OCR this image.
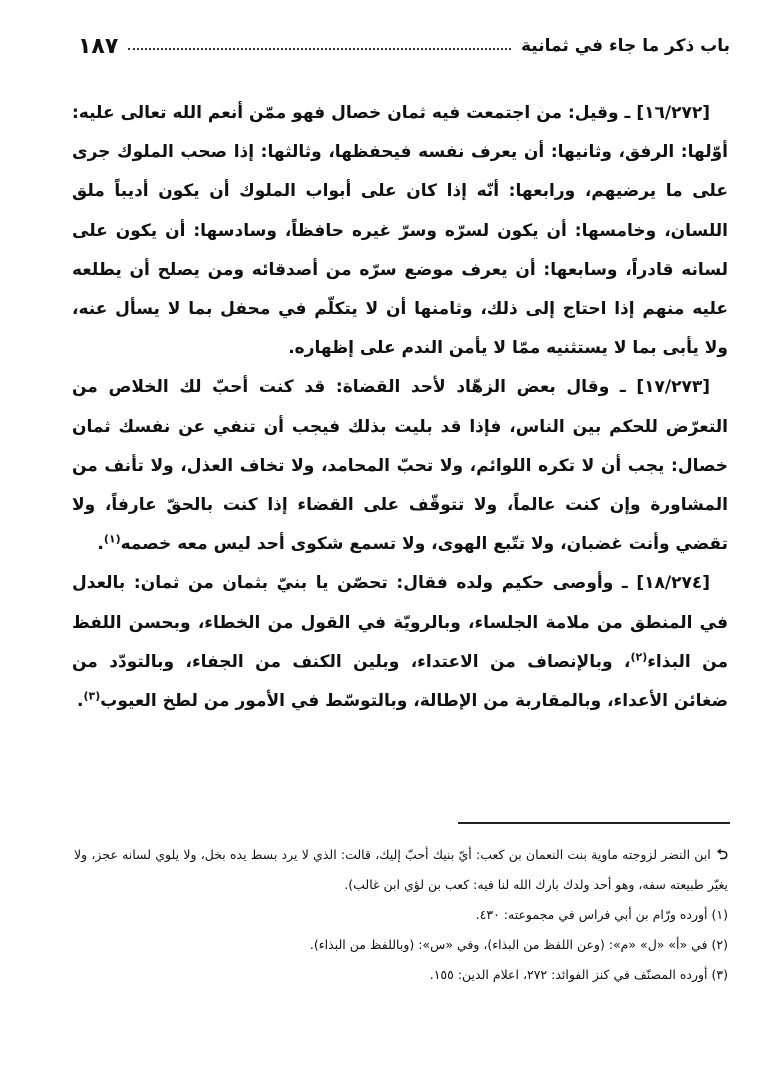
باب ذكر ما جاء في ثمانية
١٨٧

[١٦/٢٧٢] ـ وقيل: من اجتمعت فيه ثمان خصال فهو ممّن أنعم الله تعالى عليه: أوّلها: الرفق، وثانيها: أن يعرف نفسه فيحفظها، وثالثها: إذا صحب الملوك جرى على ما يرضيهم، ورابعها: أنّه إذا كان على أبواب الملوك أن يكون أديباً ملق اللسان، وخامسها: أن يكون لسرّه وسرّ غيره حافظاً، وسادسها: أن يكون على لسانه قادراً، وسابعها: أن يعرف موضع سرّه من أصدقائه ومن يصلح أن يطلعه عليه منهم إذا احتاج إلى ذلك، وثامنها أن لا يتكلّم في محفل بما لا يسأل عنه، ولا يأبى بما لا يستثنيه ممّا لا يأمن الندم على إظهاره.

[١٧/٢٧٣] ـ وقال بعض الزهّاد لأحد القضاة: قد كنت أحبّ لك الخلاص من التعرّض للحكم بين الناس، فإذا قد بليت بذلك فيجب أن تنفي عن نفسك ثمان خصال: يجب أن لا تكره اللوائم، ولا تحبّ المحامد، ولا تخاف العذل، ولا تأنف من المشاورة وإن كنت عالماً، ولا تتوقّف على القضاء إذا كنت بالحقّ عارفاً، ولا تقضي وأنت غضبان، ولا تتّبع الهوى، ولا تسمع شكوى أحد ليس معه خصمه$^{(١)}$.

[١٨/٢٧٤] ـ وأوصى حكيم ولده فقال: تحصّن يا بنيّ بثمان من ثمان: بالعدل في المنطق من ملامة الجلساء، وبالرويّة في القول من الخطاء، وبحسن اللفظ من البذاء$^{(٢)}$، وبالإنصاف من الاعتداء، وبلين الكنف من الجفاء، وبالتودّد من ضغائن الأعداء، وبالمقاربة من الإطالة، وبالتوسّط في الأمور من لطخ العيوب$^{(٣)}$.

⮌ابن النضر لزوجته ماوية بنت النعمان بن كعب: أيّ بنيك أحبّ إليك، قالت: الذي لا يرد بسط يده بخل، ولا يلوي لسانه عجز، ولا يغيّر طبيعته سفه، وهو أحد ولدك بارك الله لنا فيه: كعب بن لؤي ابن غالب).

(١) أورده ورّام بن أبي فراس في مجموعته: ٤٣٠.

(٢) في «أ» «ل» «م»: (وعن اللفظ من البذاء)، وفي «س»: (وباللفظ من البذاء).

(٣) أورده المصنّف في كنز الفوائد: ٢٧٢، اعلام الدين: ١٥٥.
